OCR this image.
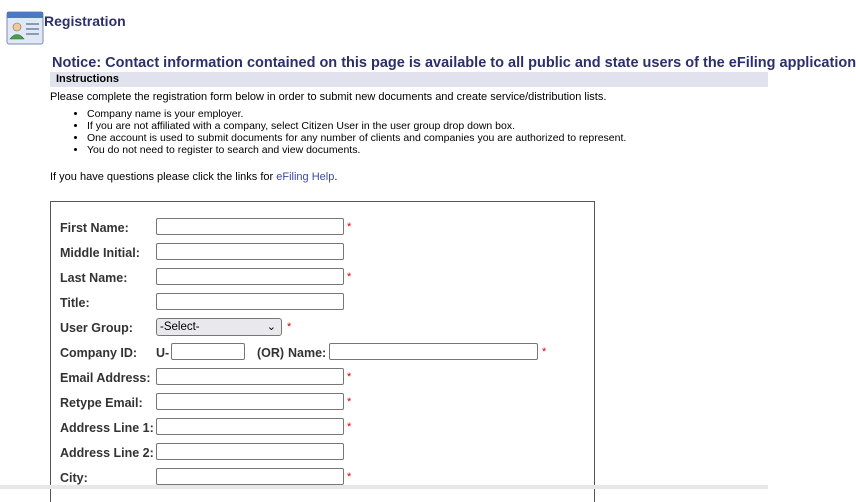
Registration
Notice: Contact information contained on this page is available to all public and state users of the eFiling application
Instructions
Please complete the registration form below in order to submit new documents and create service/distribution lists.
• Company name is your employer.
• If you are not affiliated with a company, select Citizen User in the user group drop down box.
• One account is used to submit documents for any number of clients and companies you are authorized to represent.
• You do not need to register to search and view documents.
If you have questions please click the links for eFiling Help.
First Name:	*
Middle Initial:
Last Name:	*
Title:
User Group:	-Select-	⌄ *
Company ID: U-	(OR) Name:	*
Email Address:	*
Retype Email:	*
Address Line 1:	*
Address Line 2:
City:	*
